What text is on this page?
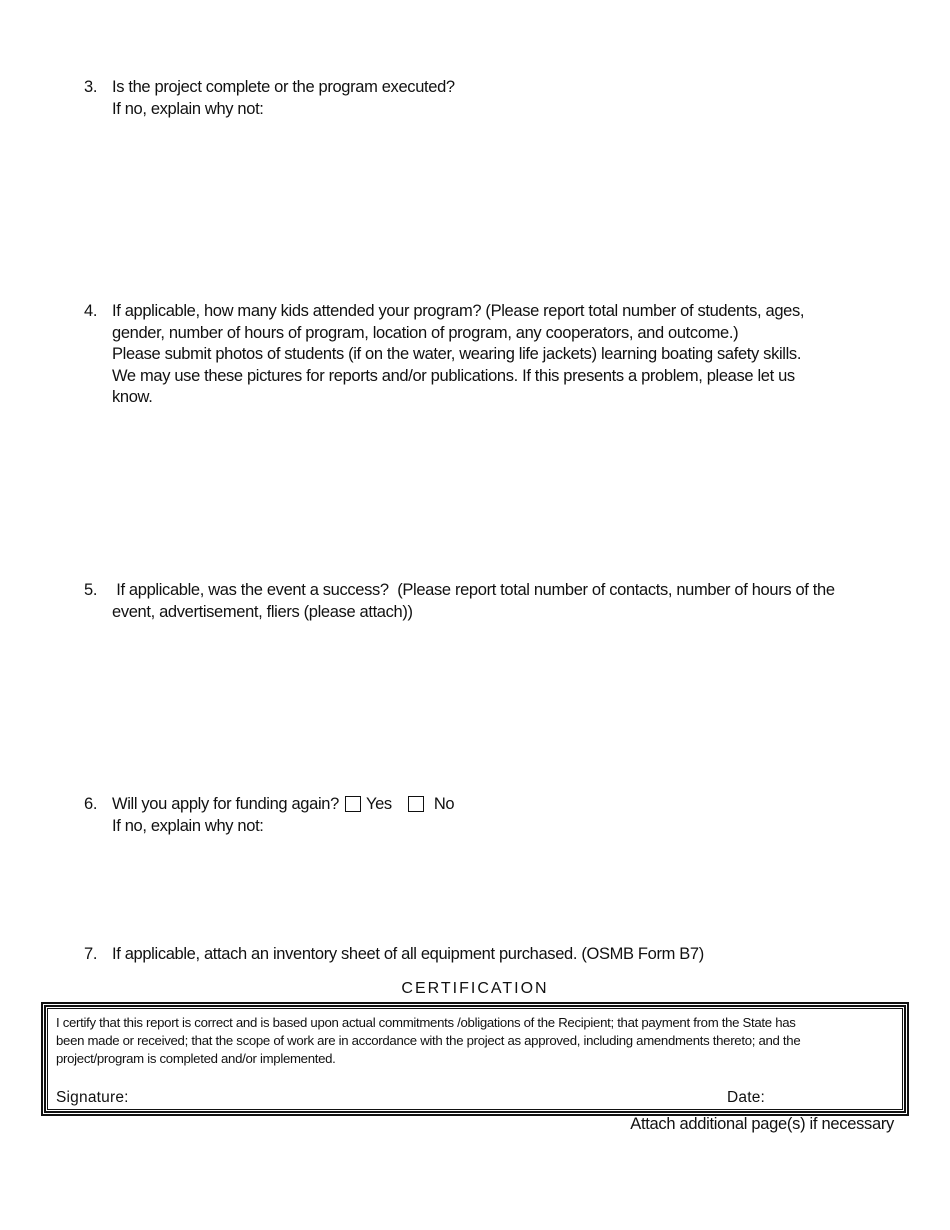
3. Is the project complete or the program executed?
If no, explain why not:
4. If applicable, how many kids attended your program? (Please report total number of students, ages,
gender, number of hours of program, location of program, any cooperators, and outcome.)
Please submit photos of students (if on the water, wearing life jackets) learning boating safety skills.
We may use these pictures for reports and/or publications. If this presents a problem, please let us
know.
5. If applicable, was the event a success?  (Please report total number of contacts, number of hours of the
event, advertisement, fliers (please attach))
6. Will you apply for funding again? Yes	No
If no, explain why not:
7. If applicable, attach an inventory sheet of all equipment purchased. (OSMB Form B7)
CERTIFICATION
I certify that this report is correct and is based upon actual commitments /obligations of the Recipient; that payment from the State has
been made or received; that the scope of work are in accordance with the project as approved, including amendments thereto; and the
project/program is completed and/or implemented.
Signature:	Date:
Attach additional page(s) if necessary
